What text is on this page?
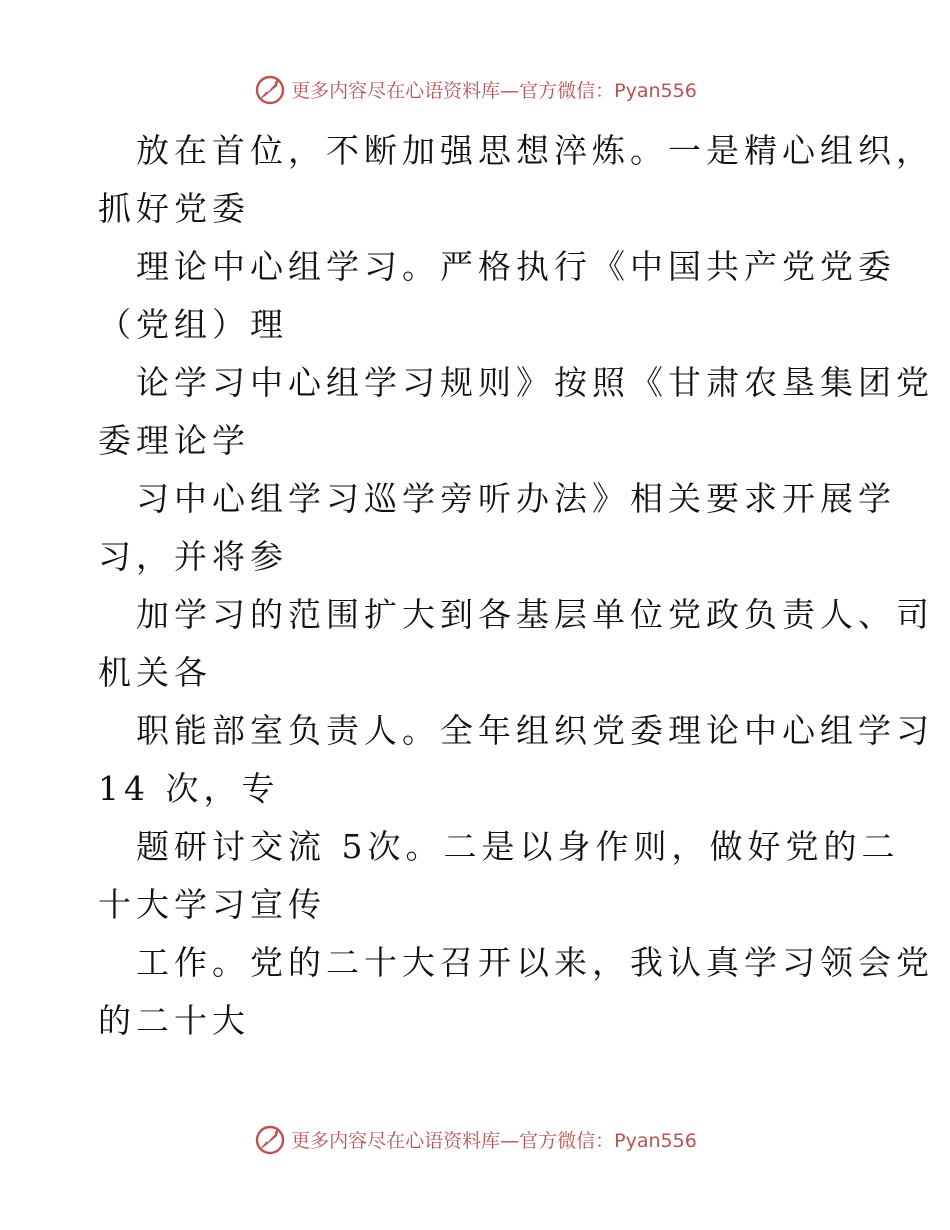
更多内容尽在心语资料库—官方微信：Pyan556
放在首位，不断加强思想淬炼。一是精心组织，
抓好党委
理论中心组学习。严格执行《中国共产党党委
（党组）理
论学习中心组学习规则》按照《甘肃农垦集团党
委理论学
习中心组学习巡学旁听办法》相关要求开展学
习，并将参
加学习的范围扩大到各基层单位党政负责人、司
机关各
职能部室负责人。全年组织党委理论中心组学习
14 次，专
题研讨交流 5次。二是以身作则，做好党的二
十大学习宣传
工作。党的二十大召开以来，我认真学习领会党
的二十大
更多内容尽在心语资料库—官方微信：Pyan556
